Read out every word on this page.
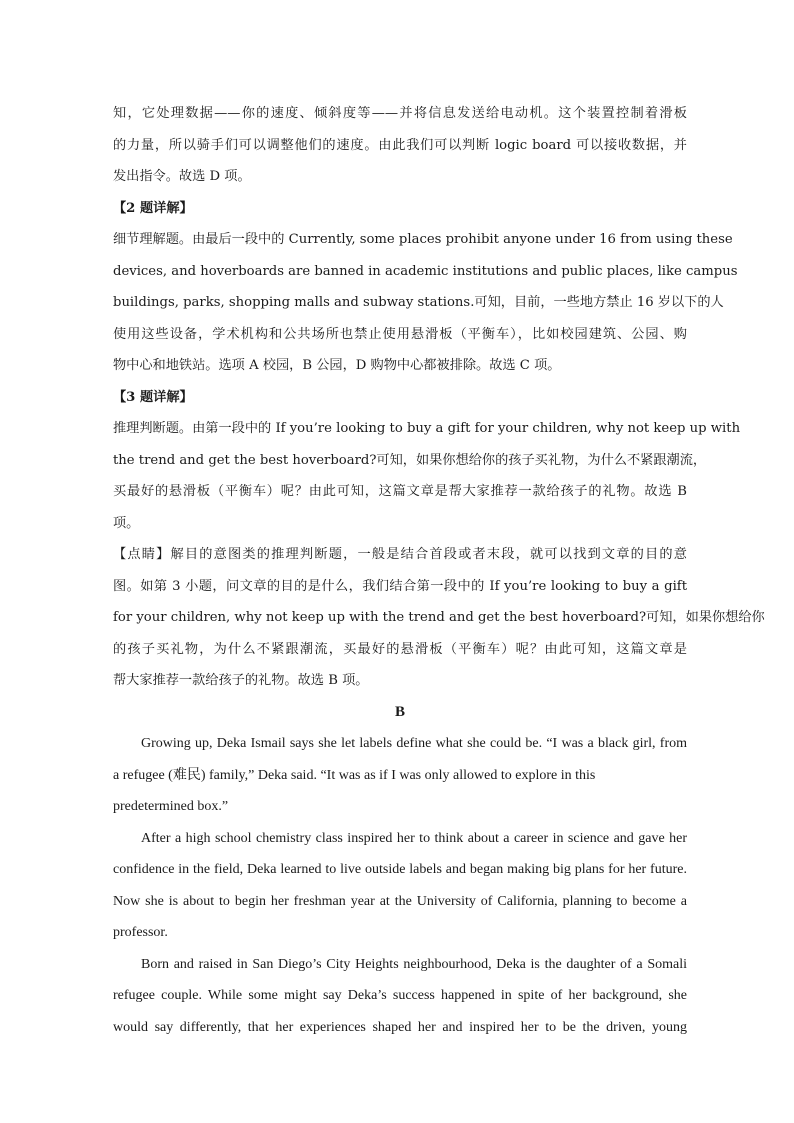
知，它处理数据——你的速度、倾斜度等——并将信息发送给电动机。这个装置控制着滑板
的力量，所以骑手们可以调整他们的速度。由此我们可以判断 logic board 可以接收数据，并
发出指令。故选 D 项。
【2 题详解】
细节理解题。由最后一段中的 Currently, some places prohibit anyone under 16 from using these
devices, and hoverboards are banned in academic institutions and public places, like campus
buildings, parks, shopping malls and subway stations.可知，目前，一些地方禁止 16 岁以下的人
使用这些设备，学术机构和公共场所也禁止使用悬滑板（平衡车），比如校园建筑、公园、购
物中心和地铁站。选项 A 校园，B 公园，D 购物中心都被排除。故选 C 项。
【3 题详解】
推理判断题。由第一段中的 If you’re looking to buy a gift for your children, why not keep up with
the trend and get the best hoverboard?可知，如果你想给你的孩子买礼物，为什么不紧跟潮流，
买最好的悬滑板（平衡车）呢？由此可知，这篇文章是帮大家推荐一款给孩子的礼物。故选 B
项。
【点睛】解目的意图类的推理判断题，一般是结合首段或者末段，就可以找到文章的目的意
图。如第 3 小题，问文章的目的是什么，我们结合第一段中的 If you’re looking to buy a gift
for your children, why not keep up with the trend and get the best hoverboard?可知，如果你想给你
的孩子买礼物，为什么不紧跟潮流，买最好的悬滑板（平衡车）呢？由此可知，这篇文章是
帮大家推荐一款给孩子的礼物。故选 B 项。
B
Growing up, Deka Ismail says she let labels define what she could be. “I was a black girl, from
a refugee (难民) family,” Deka said. “It was as if I was only allowed to explore in this
predetermined box.”
After a high school chemistry class inspired her to think about a career in science and gave her
confidence in the field, Deka learned to live outside labels and began making big plans for her future.
Now she is about to begin her freshman year at the University of California, planning to become a
professor.
Born and raised in San Diego’s City Heights neighbourhood, Deka is the daughter of a Somali
refugee couple. While some might say Deka’s success happened in spite of her background, she
would say differently, that her experiences shaped her and inspired her to be the driven, young
